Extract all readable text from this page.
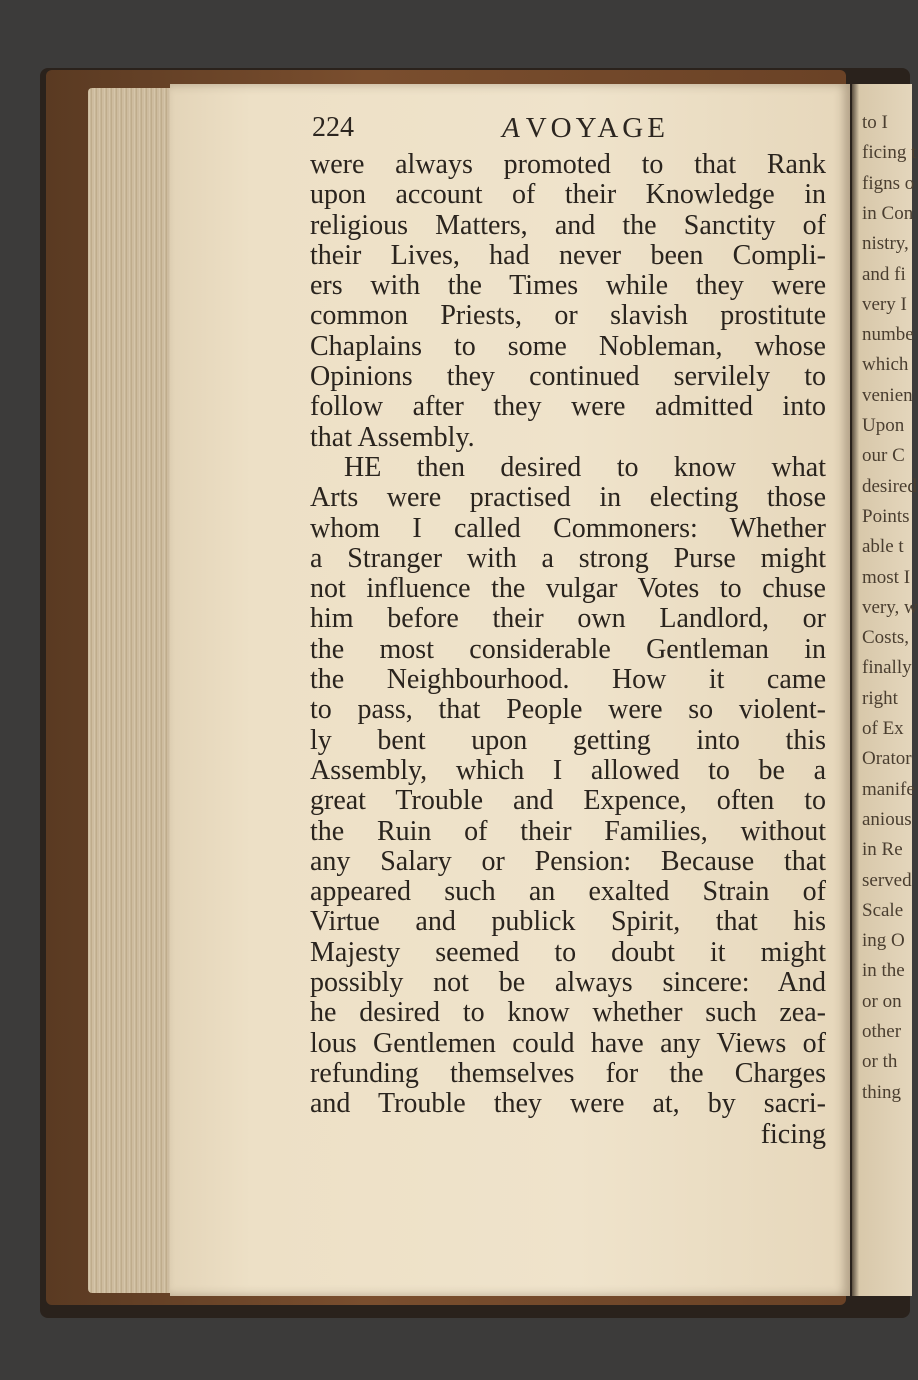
to I
ficing t
figns o
in Con
nistry,
and fi
very I
numbe
which
venien
Upon
our C
desired
Points
able t
most I
very, w
Costs,
finally
right
of Ex
Orator
manife
anious
in Re
served
Scale
ing O
in the
or on
other
or th
thing
224	A VOYAGE
were always promoted to that Rank
upon account of their Knowledge in
religious Matters, and the Sanctity of
their Lives, had never been Compli-
ers with the Times while they were
common Priests, or slavish prostitute
Chaplains to some Nobleman, whose
Opinions they continued servilely to
follow after they were admitted into
that Assembly.
HE then desired to know what
Arts were practised in electing those
whom I called Commoners: Whether
a Stranger with a strong Purse might
not influence the vulgar Votes to chuse
him before their own Landlord, or
the most considerable Gentleman in
the Neighbourhood. How it came
to pass, that People were so violent-
ly bent upon getting into this
Assembly, which I allowed to be a
great Trouble and Expence, often to
the Ruin of their Families, without
any Salary or Pension: Because that
appeared such an exalted Strain of
Virtue and publick Spirit, that his
Majesty seemed to doubt it might
possibly not be always sincere: And
he desired to know whether such zea-
lous Gentlemen could have any Views of
refunding themselves for the Charges
and Trouble they were at, by sacri-
ficing
